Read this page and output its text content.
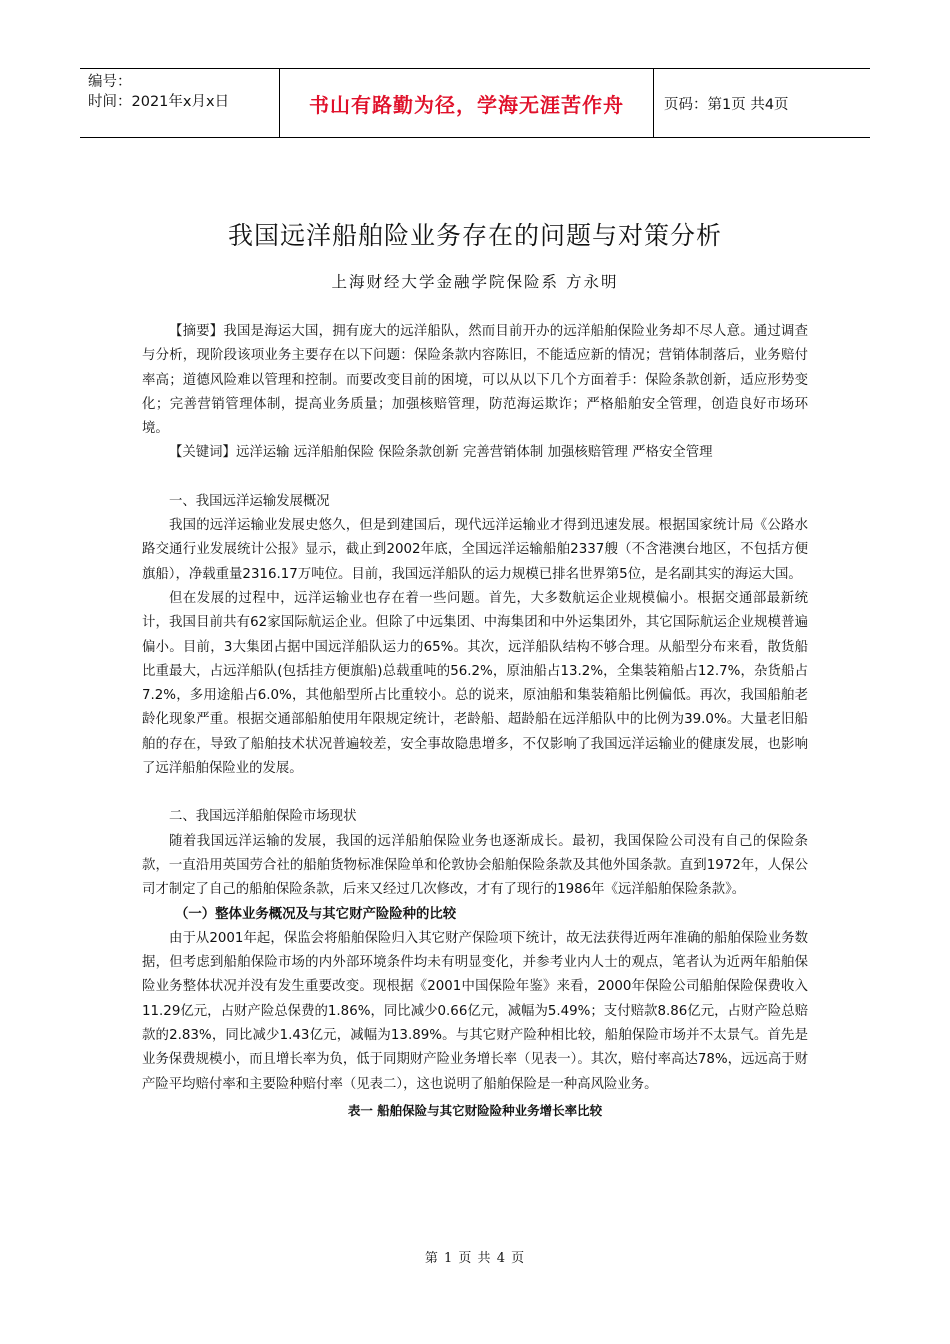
编号：
时间：2021年x月x日	书山有路勤为径，学海无涯苦作舟	页码：第1页 共4页
我国远洋船舶险业务存在的问题与对策分析
上海财经大学金融学院保险系 方永明

【摘要】我国是海运大国，拥有庞大的远洋船队，然而目前开办的远洋船舶保险业务却不尽人意。通过调查与分析，现阶段该项业务主要存在以下问题：保险条款内容陈旧，不能适应新的情况；营销体制落后，业务赔付率高；道德风险难以管理和控制。而要改变目前的困境，可以从以下几个方面着手：保险条款创新，适应形势变化；完善营销管理体制，提高业务质量；加强核赔管理，防范海运欺诈；严格船舶安全管理，创造良好市场环境。

【关键词】远洋运输 远洋船舶保险 保险条款创新 完善营销体制 加强核赔管理 严格安全管理

一、我国远洋运输发展概况

我国的远洋运输业发展史悠久，但是到建国后，现代远洋运输业才得到迅速发展。根据国家统计局《公路水路交通行业发展统计公报》显示，截止到2002年底，全国远洋运输船舶2337艘（不含港澳台地区，不包括方便旗船），净载重量2316.17万吨位。目前，我国远洋船队的运力规模已排名世界第5位，是名副其实的海运大国。

但在发展的过程中，远洋运输业也存在着一些问题。首先，大多数航运企业规模偏小。根据交通部最新统计，我国目前共有62家国际航运企业。但除了中远集团、中海集团和中外运集团外，其它国际航运企业规模普遍偏小。目前，3大集团占据中国远洋船队运力的65%。其次，远洋船队结构不够合理。从船型分布来看，散货船比重最大，占远洋船队(包括挂方便旗船)总载重吨的56.2%，原油船占13.2%，全集装箱船占12.7%，杂货船占7.2%，多用途船占6.0%，其他船型所占比重较小。总的说来，原油船和集装箱船比例偏低。再次，我国船舶老龄化现象严重。根据交通部船舶使用年限规定统计，老龄船、超龄船在远洋船队中的比例为39.0%。大量老旧船舶的存在，导致了船舶技术状况普遍较差，安全事故隐患增多，不仅影响了我国远洋运输业的健康发展，也影响了远洋船舶保险业的发展。

二、我国远洋船舶保险市场现状

随着我国远洋运输的发展，我国的远洋船舶保险业务也逐渐成长。最初，我国保险公司没有自己的保险条款，一直沿用英国劳合社的船舶货物标准保险单和伦敦协会船舶保险条款及其他外国条款。直到1972年，人保公司才制定了自己的船舶保险条款，后来又经过几次修改，才有了现行的1986年《远洋船舶保险条款》。

（一）整体业务概况及与其它财产险险种的比较

由于从2001年起，保监会将船舶保险归入其它财产保险项下统计，故无法获得近两年准确的船舶保险业务数据，但考虑到船舶保险市场的内外部环境条件均未有明显变化，并参考业内人士的观点，笔者认为近两年船舶保险业务整体状况并没有发生重要改变。现根据《2001中国保险年鉴》来看，2000年保险公司船舶保险保费收入11.29亿元，占财产险总保费的1.86%，同比减少0.66亿元，减幅为5.49%；支付赔款8.86亿元，占财产险总赔款的2.83%，同比减少1.43亿元，减幅为13.89%。与其它财产险种相比较，船舶保险市场并不太景气。首先是业务保费规模小，而且增长率为负，低于同期财产险业务增长率（见表一）。其次，赔付率高达78%，远远高于财产险平均赔付率和主要险种赔付率（见表二），这也说明了船舶保险是一种高风险业务。

表一 船舶保险与其它财险险种业务增长率比较

第 1 页 共 4 页
